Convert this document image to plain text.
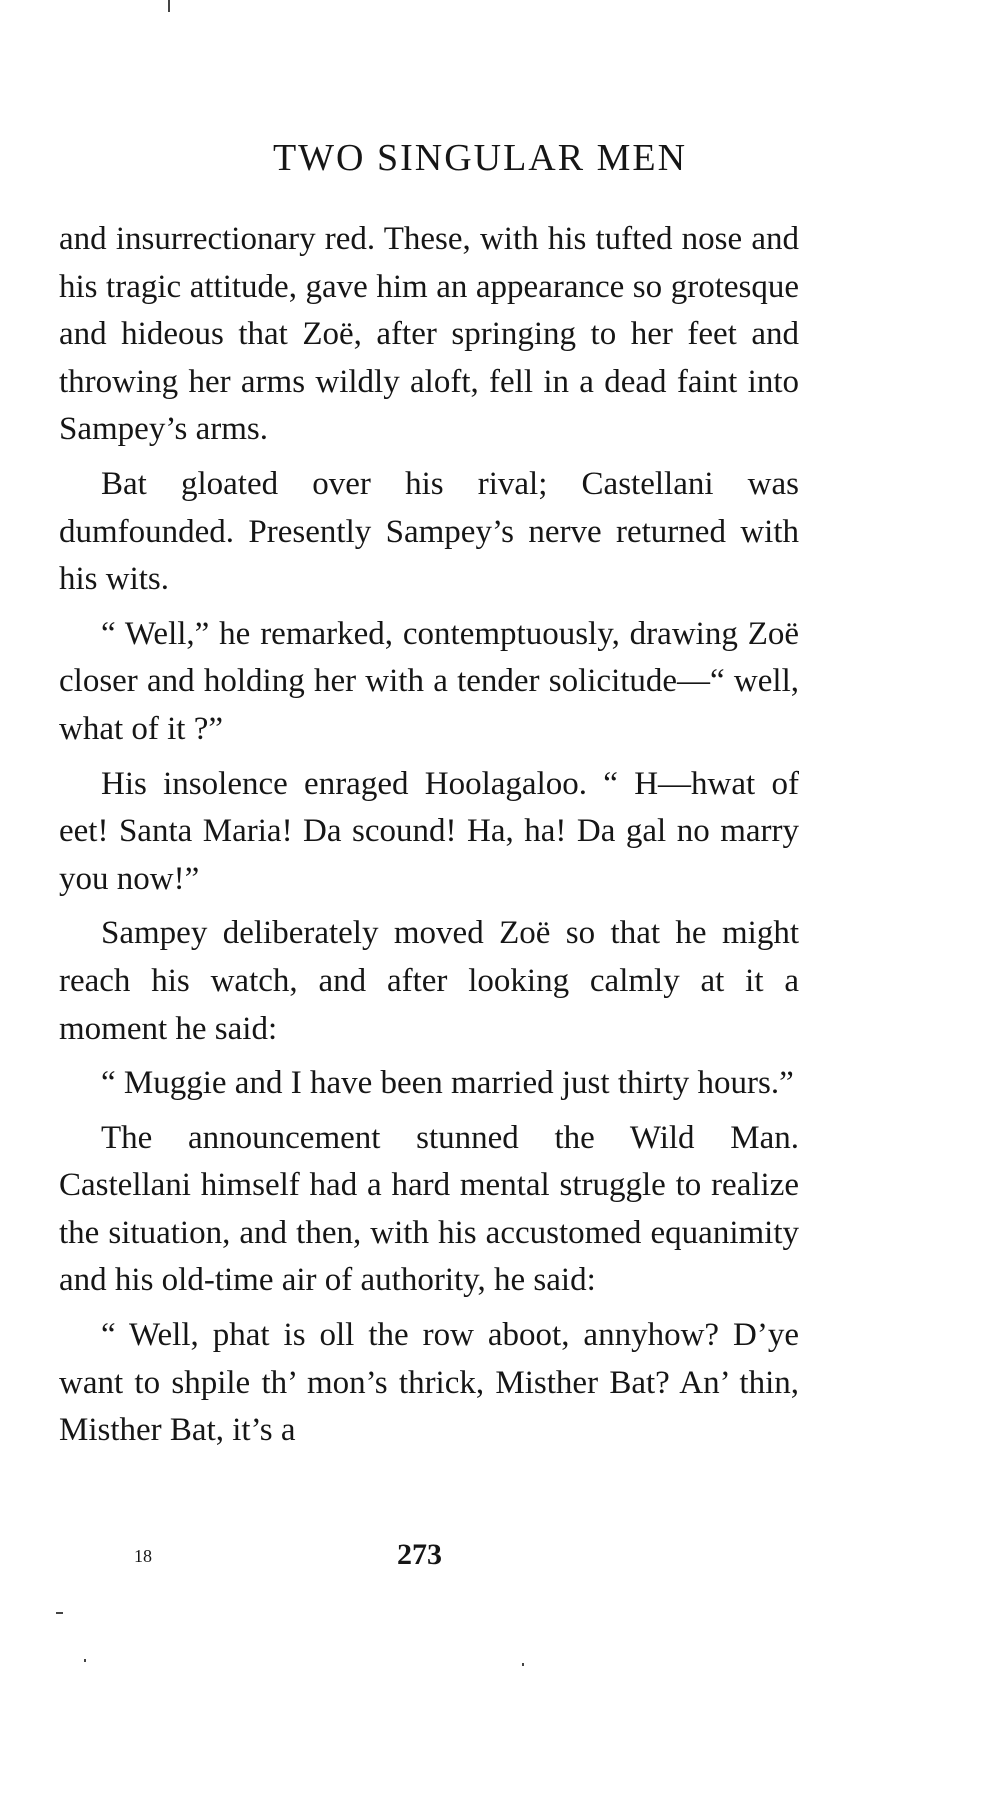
TWO SINGULAR MEN

and insurrectionary red. These, with his tufted nose and his tragic attitude, gave him an appearance so grotesque and hideous that Zoë, after springing to her feet and throwing her arms wildly aloft, fell in a dead faint into Sampey’s arms.

Bat gloated over his rival; Castellani was dumfounded. Presently Sampey’s nerve returned with his wits.

“ Well,” he remarked, contemptuously, drawing Zoë closer and holding her with a tender solicitude—“ well, what of it ?”

His insolence enraged Hoolagaloo. “ H—hwat of eet! Santa Maria! Da scound! Ha, ha! Da gal no marry you now!”

Sampey deliberately moved Zoë so that he might reach his watch, and after looking calmly at it a moment he said:

“ Muggie and I have been married just thirty hours.”

The announcement stunned the Wild Man. Castellani himself had a hard mental struggle to realize the situation, and then, with his accustomed equanimity and his old-time air of authority, he said:

“ Well, phat is oll the row aboot, annyhow? D’ye want to shpile th’ mon’s thrick, Misther Bat? An’ thin, Misther Bat, it’s a

18	273
